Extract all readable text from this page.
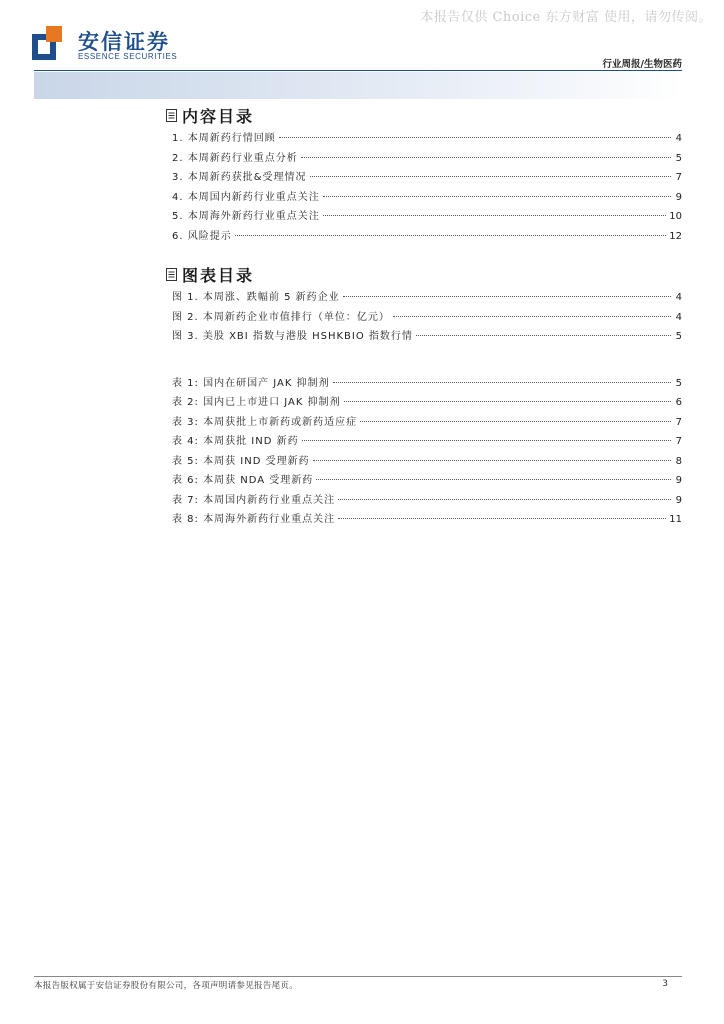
本报告仅供 Choice 东方财富 使用，请勿传阅。
安信证券
ESSENCE SECURITIES
行业周报/生物医药
内容目录
1. 本周新药行情回顾	4
2. 本周新药行业重点分析	5
3. 本周新药获批&受理情况	7
4. 本周国内新药行业重点关注	9
5. 本周海外新药行业重点关注	10
6. 风险提示	12
图表目录
图 1. 本周涨、跌幅前 5 新药企业	4
图 2. 本周新药企业市值排行（单位：亿元）	4
图 3. 美股 XBI 指数与港股 HSHKBIO 指数行情	5
表 1: 国内在研国产 JAK 抑制剂	5
表 2: 国内已上市进口 JAK 抑制剂	6
表 3: 本周获批上市新药或新药适应症	7
表 4: 本周获批 IND 新药	7
表 5: 本周获 IND 受理新药	8
表 6: 本周获 NDA 受理新药	9
表 7: 本周国内新药行业重点关注	9
表 8: 本周海外新药行业重点关注	11
本报告版权属于安信证券股份有限公司，各项声明请参见报告尾页。	3
